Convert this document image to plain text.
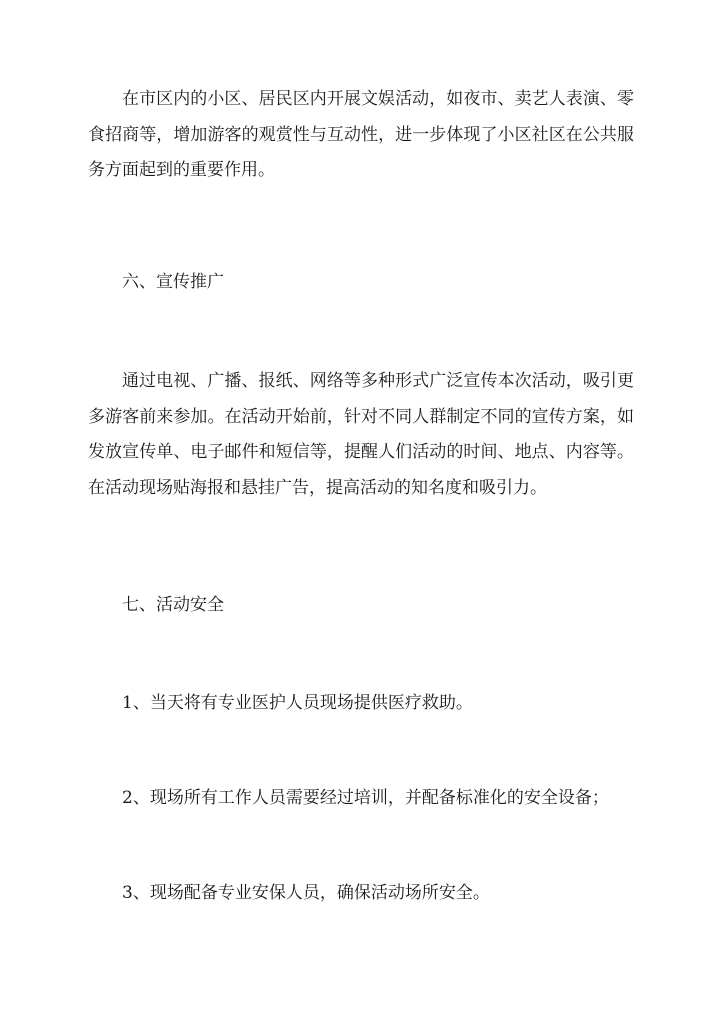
在市区内的小区、居民区内开展文娱活动，如夜市、卖艺人表演、零食招商等，增加游客的观赏性与互动性，进一步体现了小区社区在公共服务方面起到的重要作用。

六、宣传推广

通过电视、广播、报纸、网络等多种形式广泛宣传本次活动，吸引更多游客前来参加。在活动开始前，针对不同人群制定不同的宣传方案，如发放宣传单、电子邮件和短信等，提醒人们活动的时间、地点、内容等。在活动现场贴海报和悬挂广告，提高活动的知名度和吸引力。

七、活动安全

1、当天将有专业医护人员现场提供医疗救助。

2、现场所有工作人员需要经过培训，并配备标准化的安全设备；

3、现场配备专业安保人员，确保活动场所安全。
